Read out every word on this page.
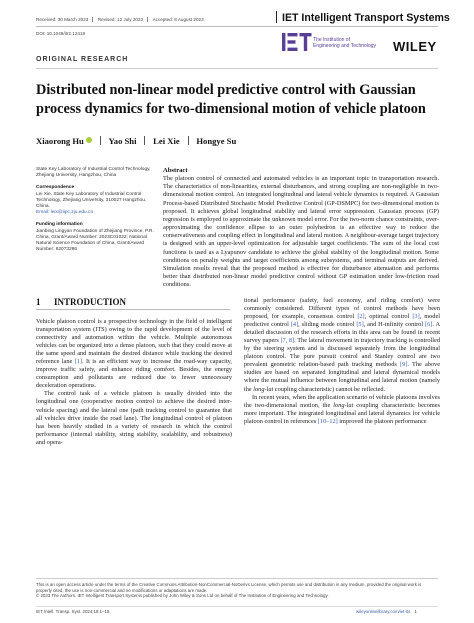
Received: 30 March 2023 Revised: 12 July 2023 Accepted: 8 August 2023	IET Intelligent Transport Systems
DOI: 10.1049/itr2.12418
The Institution of
Engineering and Technology WILEY
ORIGINAL RESEARCH
Distributed non-linear model predictive control with Gaussian process dynamics for two-dimensional motion of vehicle platoon
Xiaorong Hu	Yao Shi Lei Xie Hongye Su
State Key Laboratory of Industrial Control Technology, Zhejiang University, Hangzhou, China
Correspondence
Lei Xie, State Key Laboratory of Industrial Control Technology, Zhejiang University, 310027 Hangzhou, China.
Email: leix@iipc.zju.edu.cn
Funding information
Jianbing Lingyan Foundation of Zhejiang Province, P.R. China, Grant/Award Number: 2023C01022; National Natural Science Foundation of China, Grant/Award Number: 62073286
Abstract
The platoon control of connected and automated vehicles is an important topic in transportation research. The characteristics of non-linearities, external disturbances, and strong coupling are non-negligible in two-dimensional motion control. An integrated longitudinal and lateral vehicle dynamics is required. A Gaussian Process-based Distributed Stochastic Model Predictive Control (GP-DSMPC) for two-dimensional motion is proposed. It achieves global longitudinal stability and lateral error suppression. Gaussian process (GP) regression is employed to approximate the unknown model error. For the two-norm chance constraints, over-approximating the confidence ellipse to an outer polyhedron is an effective way to reduce the conservativeness and coupling effect in longitudinal and lateral motion. A neighbour-average target trajectory is designed with an upper-level optimization for adjustable target coefficients. The sum of the local cost functions is used as a Lyapunov candidate to achieve the global stability of the longitudinal motion. Some conditions on penalty weights and target coefficients among subsystems, and terminal outputs are derived. Simulation results reveal that the proposed method is effective for disturbance attenuation and performs better than distributed non-linear model predictive control without GP estimation under low-friction road conditions.
1 INTRODUCTION

Vehicle platoon control is a prospective technology in the field of intelligent transportation system (ITS) owing to the rapid development of the level of connectivity and automation within the vehicle. Multiple autonomous vehicles can be organized into a dense platoon, such that they could move at the same speed and maintain the desired distance while tracking the desired reference lane [1]. It is an efficient way to increase the road-way capacity, improve traffic safety, and enhance riding comfort. Besides, the energy consumption and pollutants are reduced due to fewer unnecessary deceleration operations.

The control task of a vehicle platoon is usually divided into the longitudinal one (cooperative motion control to achieve the desired inter-vehicle spacing) and the lateral one (path tracking control to guarantee that all vehicles drive inside the road lane). The longitudinal control of platoon has been heavily studied in a variety of research in which the control performance (internal stability, string stability, scalability, and robustness) and opera-

tional performance (safety, fuel economy, and riding comfort) were commonly considered. Different types of control methods have been proposed, for example, consensus control [2], optimal control [3], model predictive control [4], sliding mode control [5], and H-infinity control [6]. A detailed discussion of the research efforts in this area can be found in recent survey papers [7, 8]. The lateral movement in trajectory tracking is controlled by the steering system and is discussed separately from the longitudinal platoon control. The pure pursuit control and Stanley control are two prevalent geometric relation-based path tracking methods [9]. The above studies are based on separated longitudinal and lateral dynamical models where the mutual influence between longitudinal and lateral motion (namely the long-lat coupling characteristic) cannot be reflected.

In recent years, when the application scenario of vehicle platoons involves the two-dimensional motion, the long-lat coupling characteristic becomes more important. The integrated longitudinal and lateral dynamics for vehicle platoon control in references [10–12] improved the platoon performance

This is an open access article under the terms of the Creative Commons Attribution-NonCommercial-NoDerivs License, which permits use and distribution in any medium, provided the original work is properly cited, the use is non-commercial and no modifications or adaptations are made.
© 2023 The Authors. IET Intelligent Transport Systems published by John Wiley & Sons Ltd on behalf of The Institution of Engineering and Technology.
IET Intell. Transp. Syst. 2024;18:1–15.	wileyonlinelibrary.com/iet-its 1
